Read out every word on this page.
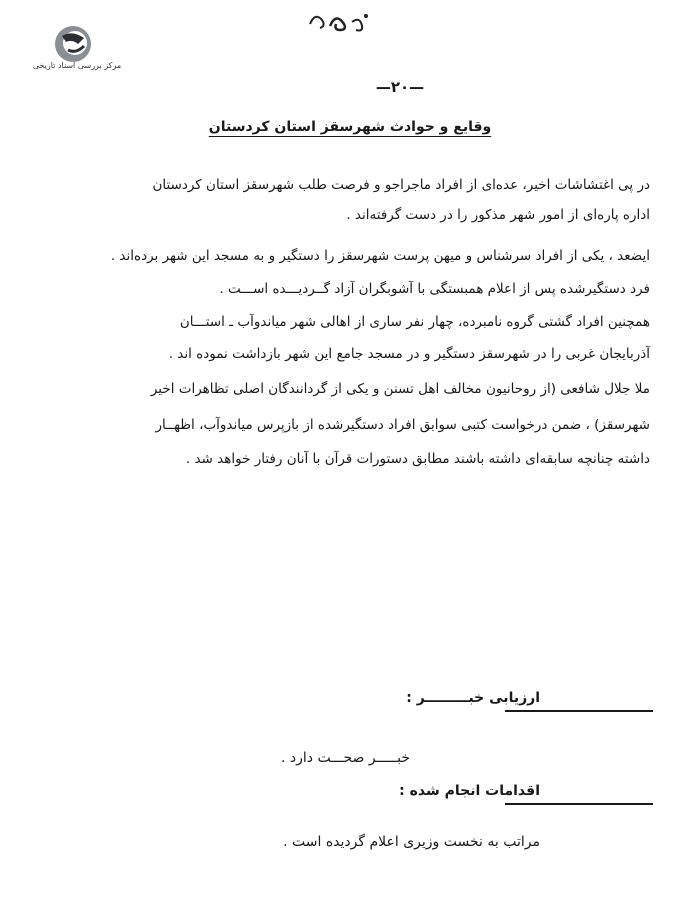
مرکز بررسی اسناد تاریخی
—۲۰—
وقایع و حوادث شهرسقز استان کردستان
در پی اغتشاشات اخیر، عده‌ای از افراد ماجراجو و فرصت طلب شهرسقز استان کردستان
اداره پاره‌ای از امور شهر مذکور را در دست گرفته‌اند .
ایضعد ، یکی از افراد سرشناس و میهن پرست شهرسقز را دستگیر و به مسجد این شهر برده‌اند .
فرد دستگیرشده پس از اعلام همبستگی با آشوبگران آزاد گــردیـــده اســـت .
همچنین افراد گشتی گروه نامبرده، چهار نفر ساری از اهالی شهر میاندوآب ـ استـــان
آذربایجان غربی را در شهرسقز دستگیر و در مسجد جامع این شهر بازداشت نموده اند .
ملا جلال شافعی (از روحانیون مخالف اهل تسنن و یکی از گردانندگان اصلی تظاهرات اخیر
شهرسقز) ، ضمن درخواست کتبی سوابق افراد دستگیرشده از بازپرس میاندوآب، اظهــار
داشته چنانچه سابقه‌ای داشته باشند مطابق دستورات قرآن با آنان رفتار خواهد شد .
ارزیابی خبـــــــــر :
خبـــــر صحـــت دارد .
اقدامات انجام شده :
مراتب به نخست وزیری اعلام گردیده است .
